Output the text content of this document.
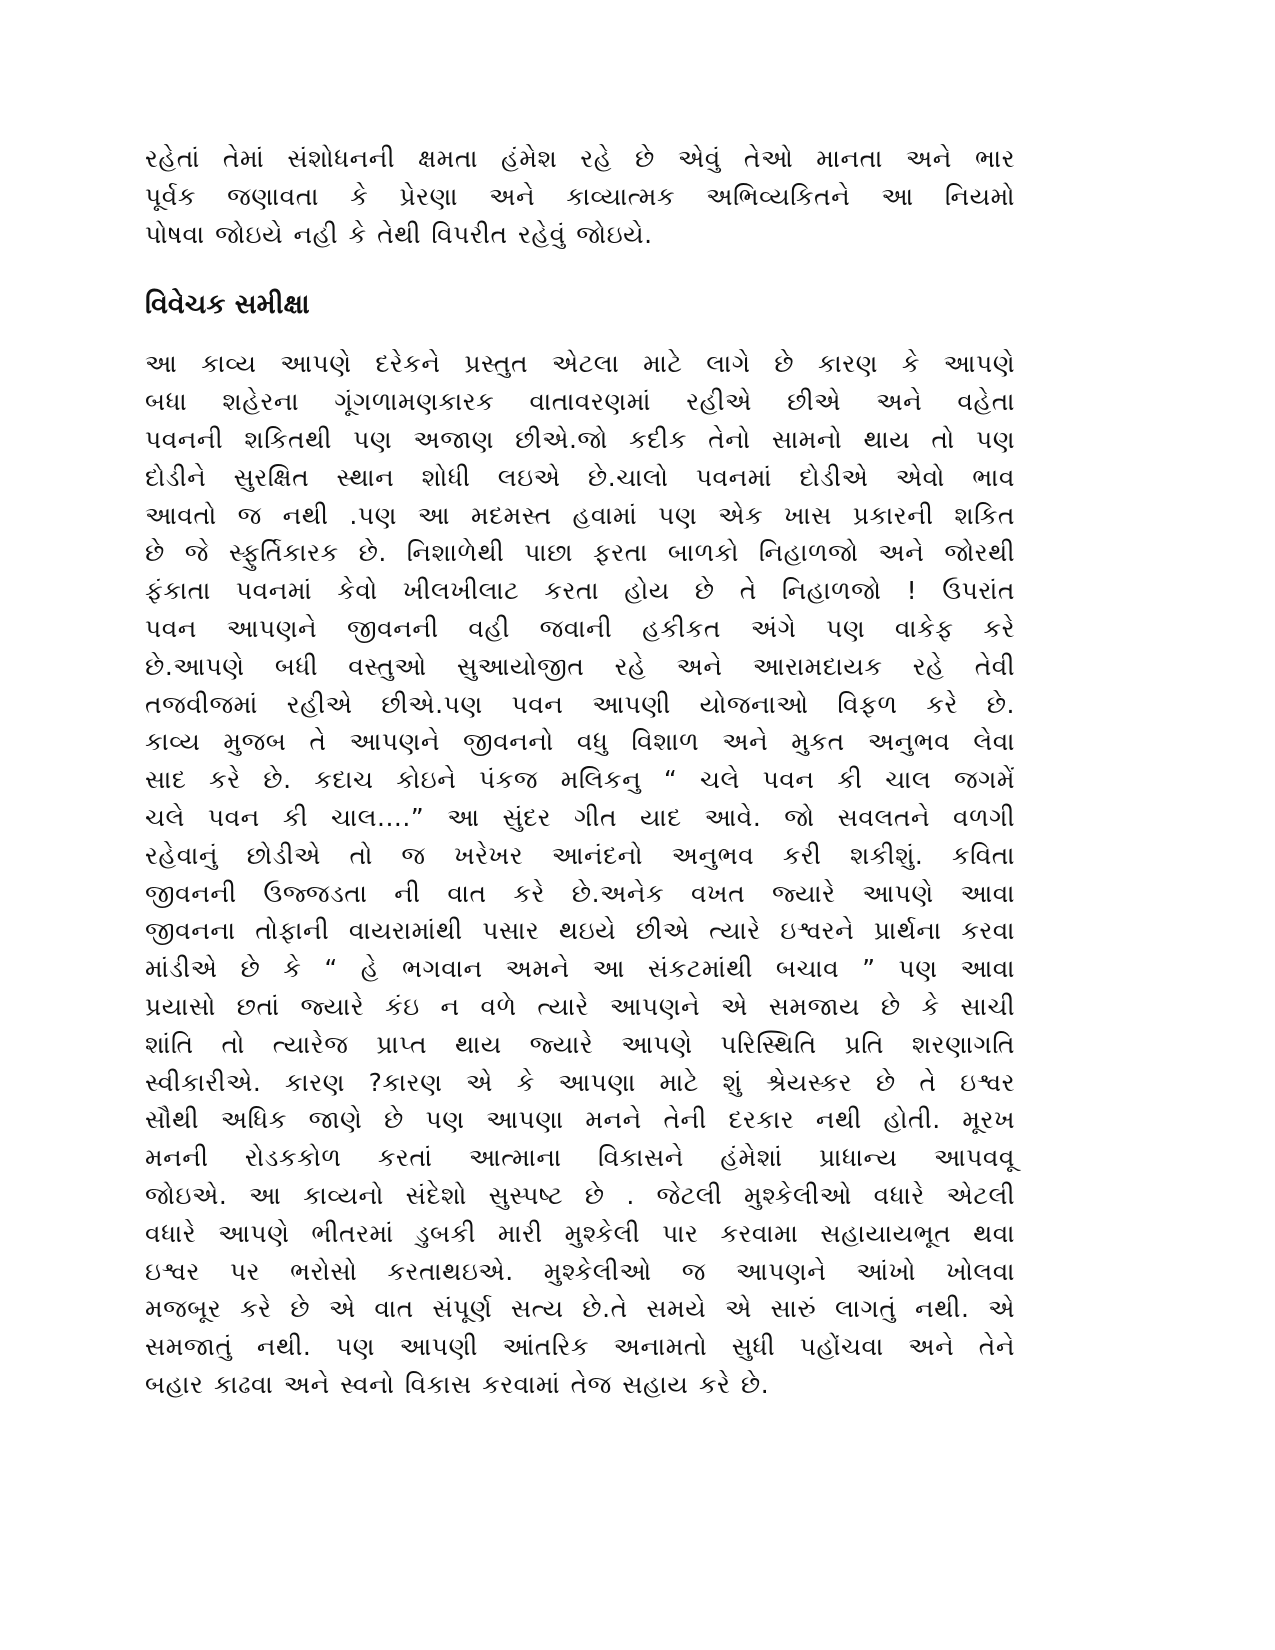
રહેતાં તેમાં સંશોધનની ક્ષમતા હંમેશ રહે છે એવું તેઓ માનતા અને ભાર
પૂર્વક જણાવતા કે પ્રેરણા અને કાવ્યાત્મક અભિવ્યકિતને આ નિયમો
પોષવા જોઇયે નહી કે તેથી વિપરીત રહેવું જોઇયે.

વિવેચક સમીક્ષા

આ કાવ્ય આપણે દરેકને પ્રસ્તુત એટલા માટે લાગે છે કારણ કે આપણે
બધા શહેરના ગૂંગળામણકારક વાતાવરણમાં રહીએ છીએ અને વહેતા
પવનની શકિતથી પણ અજાણ છીએ.જો કદીક તેનો સામનો થાય તો પણ
દોડીને સુરક્ષિત સ્થાન શોધી લઇએ છે.ચાલો પવનમાં દોડીએ એવો ભાવ
આવતો જ નથી .પણ આ મદમસ્ત હવામાં પણ એક ખાસ પ્રકારની શકિત
છે જે સ્ફુર્તિકારક છે. નિશાળેથી પાછા ફરતા બાળકો નિહાળજો અને જોરથી
ફંકાતા પવનમાં કેવો ખીલખીલાટ કરતા હોય છે તે નિહાળજો ! ઉપરાંત
પવન આપણને જીવનની વહી જવાની હકીકત અંગે પણ વાકેફ કરે
છે.આપણે બધી વસ્તુઓ સુઆયોજીત રહે અને આરામદાયક રહે તેવી
તજવીજમાં રહીએ છીએ.પણ પવન આપણી યોજનાઓ વિફળ કરે છે.
કાવ્ય મુજબ તે આપણને જીવનનો વધુ વિશાળ અને મુકત અનુભવ લેવા
સાદ કરે છે. કદાચ કોઇને પંકજ મલિકનુ “ ચલે પવન કી ચાલ જગમેં
ચલે પવન કી ચાલ....” આ સુંદર ગીત યાદ આવે. જો સવલતને વળગી
રહેવાનું છોડીએ તો જ ખરેખર આનંદનો અનુભવ કરી શકીશું. કવિતા
જીવનની ઉજ્જડતા ની વાત કરે છે.અનેક વખત જ્યારે આપણે આવા
જીવનના તોફાની વાયરામાંથી પસાર થઇયે છીએ ત્યારે ઇશ્વરને પ્રાર્થના કરવા
માંડીએ છે કે “ હે ભગવાન અમને આ સંકટમાંથી બચાવ ” પણ આવા
પ્રયાસો છતાં જ્યારે કંઇ ન વળે ત્યારે આપણને એ સમજાય છે કે સાચી
શાંતિ તો ત્યારેજ પ્રાપ્ત થાય જ્યારે આપણે પરિસ્થિતિ પ્રતિ શરણાગતિ
સ્વીકારીએ. કારણ ?કારણ એ કે આપણા માટે શું શ્રેયસ્કર છે તે ઇશ્વર
સૌથી અધિક જાણે છે પણ આપણા મનને તેની દરકાર નથી હોતી. મૂરખ
મનની રોડકકોળ કરતાં આત્માના વિકાસને હંમેશાં પ્રાધાન્ય આપવવૂ
જોઇએ. આ કાવ્યનો સંદેશો સુસ્પષ્ટ છે . જેટલી મુશ્કેલીઓ વધારે એટલી
વધારે આપણે ભીતરમાં ડુબકી મારી મુશ્કેલી પાર કરવામા સહાયાયભૂત થવા
ઇશ્વર પર ભરોસો કરતાથઇએ. મુશ્કેલીઓ જ આપણને આંખો ખોલવા
મજબૂર કરે છે એ વાત સંપૂર્ણ સત્ય છે.તે સમયે એ સારું લાગતું નથી. એ
સમજાતું નથી. પણ આપણી આંતરિક અનામતો સુધી પહોંચવા અને તેને
બહાર કાઢવા અને સ્વનો વિકાસ કરવામાં તેજ સહાય કરે છે.
